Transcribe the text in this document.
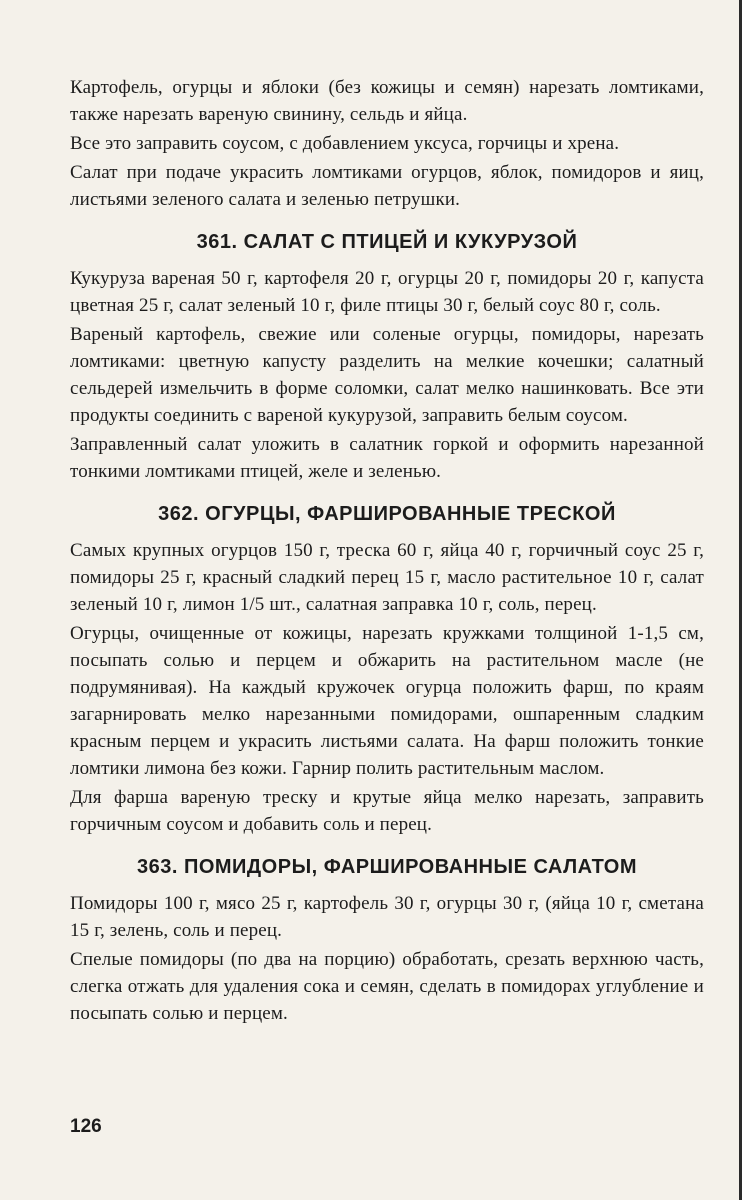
Картофель, огурцы и яблоки (без кожицы и семян) нарезать ломтиками, также нарезать вареную свинину, сельдь и яйца.

Все это заправить соусом, с добавлением уксуса, горчицы и хрена.

Салат при подаче украсить ломтиками огурцов, яблок, помидоров и яиц, листьями зеленого салата и зеленью петрушки.

361. САЛАТ С ПТИЦЕЙ И КУКУРУЗОЙ

Кукуруза вареная 50 г, картофеля 20 г, огурцы 20 г, помидоры 20 г, капуста цветная 25 г, салат зеленый 10 г, филе птицы 30 г, белый соус 80 г, соль.

Вареный картофель, свежие или соленые огурцы, помидоры, нарезать ломтиками: цветную капусту разделить на мелкие кочешки; салатный сельдерей измельчить в форме соломки, салат мелко нашинковать. Все эти продукты соединить с вареной кукурузой, заправить белым соусом.

Заправленный салат уложить в салатник горкой и оформить нарезанной тонкими ломтиками птицей, желе и зеленью.

362. ОГУРЦЫ, ФАРШИРОВАННЫЕ ТРЕСКОЙ

Самых крупных огурцов 150 г, треска 60 г, яйца 40 г, горчичный соус 25 г, помидоры 25 г, красный сладкий перец 15 г, масло растительное 10 г, салат зеленый 10 г, лимон 1/5 шт., салатная заправка 10 г, соль, перец.

Огурцы, очищенные от кожицы, нарезать кружками толщиной 1-1,5 см, посыпать солью и перцем и обжарить на растительном масле (не подрумянивая). На каждый кружочек огурца положить фарш, по краям загарнировать мелко нарезанными помидорами, ошпаренным сладким красным перцем и украсить листьями салата. На фарш положить тонкие ломтики лимона без кожи. Гарнир полить растительным маслом.

Для фарша вареную треску и крутые яйца мелко нарезать, заправить горчичным соусом и добавить соль и перец.

363. ПОМИДОРЫ, ФАРШИРОВАННЫЕ САЛАТОМ

Помидоры 100 г, мясо 25 г, картофель 30 г, огурцы 30 г, (яйца 10 г, сметана 15 г, зелень, соль и перец.

Спелые помидоры (по два на порцию) обработать, срезать верхнюю часть, слегка отжать для удаления сока и семян, сделать в помидорах углубление и посыпать солью и перцем.

126
